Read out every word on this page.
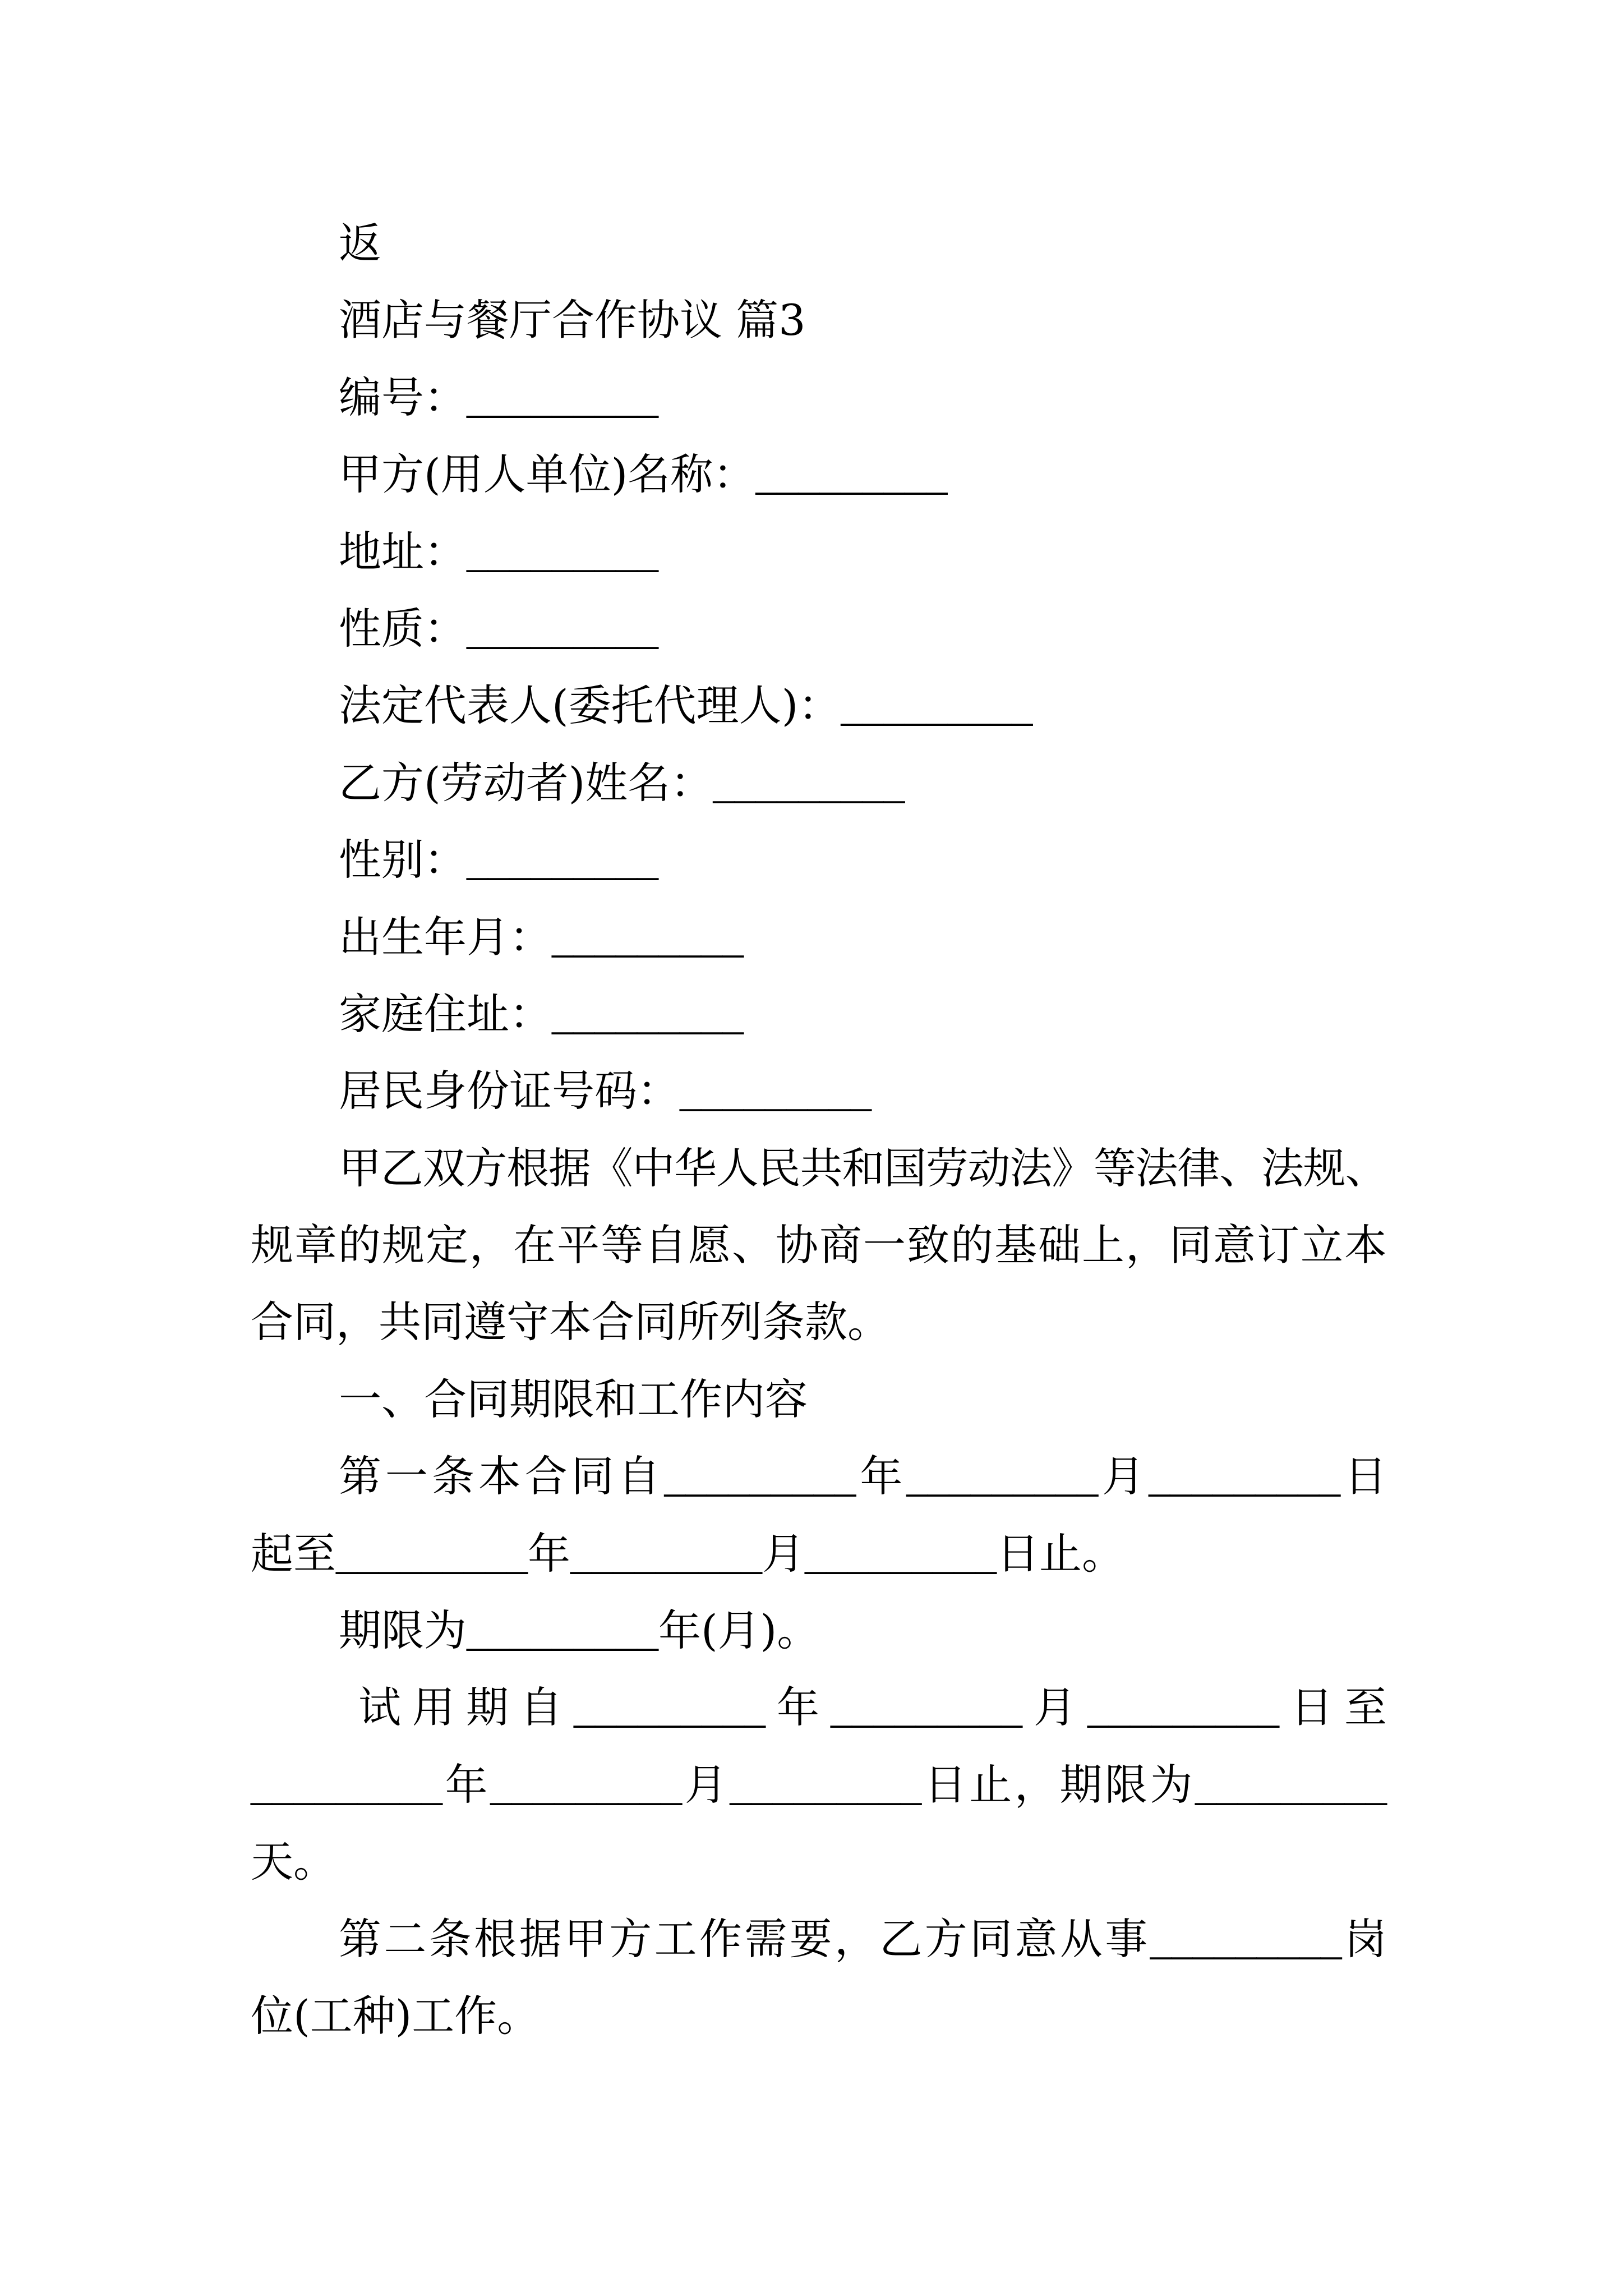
返
酒店与餐厅合作协议 篇3
编号：_________
甲方(用人单位)名称：_________
地址：_________
性质：_________
法定代表人(委托代理人)：_________
乙方(劳动者)姓名：_________
性别：_________
出生年月：_________
家庭住址：_________
居民身份证号码：_________
甲乙双方根据《中华人民共和国劳动法》等法律、法规、
规章的规定，在平等自愿、协商一致的基础上，同意订立本
合同，共同遵守本合同所列条款。
一、合同期限和工作内容
第一条本合同自_________年_________月_________日
起至_________年_________月_________日止。
期限为_________年(月)。
试用期自_________年_________月_________日至
_________年_________月_________日止，期限为_________
天。
第二条根据甲方工作需要，乙方同意从事_________岗
位(工种)工作。
